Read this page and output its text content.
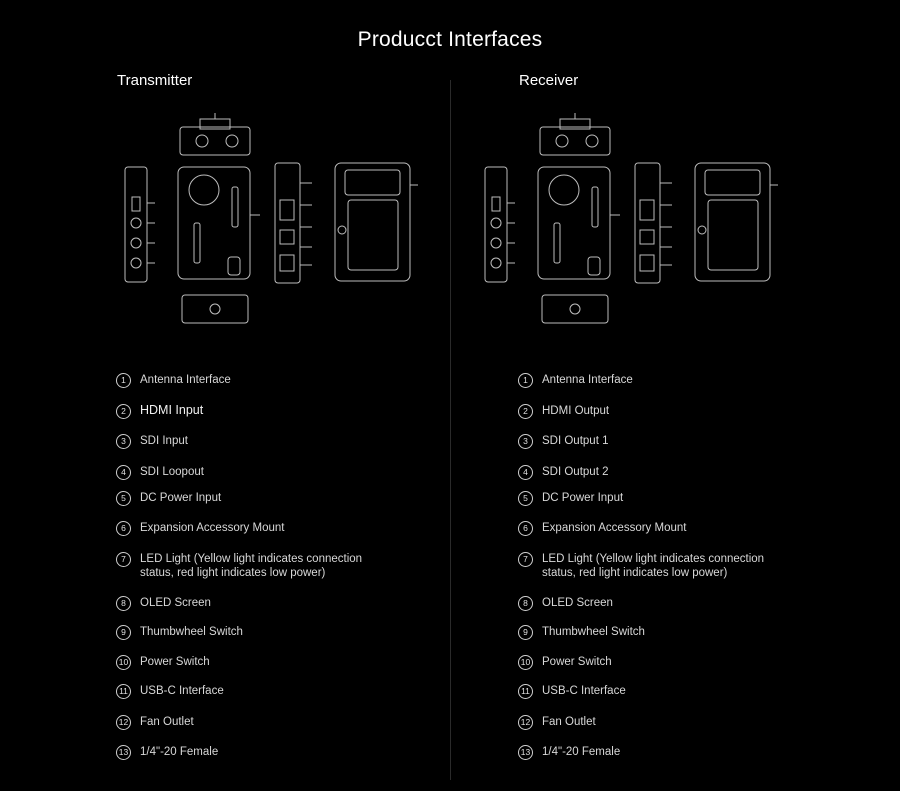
Producct Interfaces
Transmitter
1	Antenna Interface
2	HDMI Input
3	SDI Input
4	SDI Loopout
5	DC Power Input
6	Expansion Accessory Mount
7	LED Light (Yellow light indicates connection status, red light indicates low power)
8	OLED Screen
9	Thumbwheel Switch
10 Power Switch
11 USB-C Interface
12 Fan Outlet
13 1/4"-20 Female
Receiver
1	Antenna Interface
2	HDMI Output
3	SDI Output 1
4	SDI Output 2
5	DC Power Input
6	Expansion Accessory Mount
7	LED Light (Yellow light indicates connection status, red light indicates low power)
8	OLED Screen
9	Thumbwheel Switch
10 Power Switch
11 USB-C Interface
12 Fan Outlet
13 1/4"-20 Female
